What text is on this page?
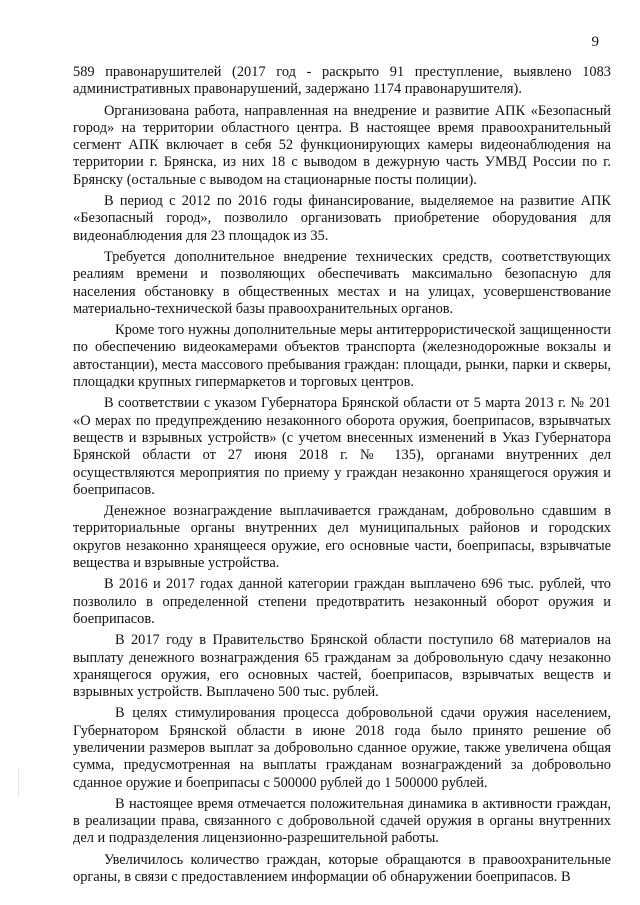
9

589 правонарушителей (2017 год - раскрыто 91 преступление, выявлено 1083 административных правонарушений, задержано 1174 правонарушителя).

Организована работа, направленная на внедрение и развитие АПК «Безопасный город» на территории областного центра. В настоящее время правоохранительный сегмент АПК включает в себя 52 функционирующих камеры видеонаблюдения на территории г. Брянска, из них 18 с выводом в дежурную часть УМВД России по г. Брянску (остальные с выводом на стационарные посты полиции).

В период с 2012 по 2016 годы финансирование, выделяемое на развитие АПК «Безопасный город», позволило организовать приобретение оборудования для видеонаблюдения для 23 площадок из 35.

Требуется дополнительное внедрение технических средств, соответствующих реалиям времени и позволяющих обеспечивать максимально безопасную для населения обстановку в общественных местах и на улицах, усовершенствование материально-технической базы правоохранительных органов.

Кроме того нужны дополнительные меры антитеррористической защищенности по обеспечению видеокамерами объектов транспорта (железнодорожные вокзалы и автостанции), места массового пребывания граждан: площади, рынки, парки и скверы, площадки крупных гипермаркетов и торговых центров.

В соответствии с указом Губернатора Брянской области от 5 марта 2013 г. № 201 «О мерах по предупреждению незаконного оборота оружия, боеприпасов, взрывчатых веществ и взрывных устройств» (с учетом внесенных изменений в Указ Губернатора Брянской области от 27 июня 2018 г. № 135), органами внутренних дел осуществляются мероприятия по приему у граждан незаконно хранящегося оружия и боеприпасов.

Денежное вознаграждение выплачивается гражданам, добровольно сдавшим в территориальные органы внутренних дел муниципальных районов и городских округов незаконно хранящееся оружие, его основные части, боеприпасы, взрывчатые вещества и взрывные устройства.

В 2016 и 2017 годах данной категории граждан выплачено 696 тыс. рублей, что позволило в определенной степени предотвратить незаконный оборот оружия и боеприпасов.

В 2017 году в Правительство Брянской области поступило 68 материалов на выплату денежного вознаграждения 65 гражданам за добровольную сдачу незаконно хранящегося оружия, его основных частей, боеприпасов, взрывчатых веществ и взрывных устройств. Выплачено 500 тыс. рублей.

В целях стимулирования процесса добровольной сдачи оружия населением, Губернатором Брянской области в июне 2018 года было принято решение об увеличении размеров выплат за добровольно сданное оружие, также увеличена общая сумма, предусмотренная на выплаты гражданам вознаграждений за добровольно сданное оружие и боеприпасы с 500000 рублей до 1 500000 рублей.

В настоящее время отмечается положительная динамика в активности граждан, в реализации права, связанного с добровольной сдачей оружия в органы внутренних дел и подразделения лицензионно-разрешительной работы.

Увеличилось количество граждан, которые обращаются в правоохранительные органы, в связи с предоставлением информации об обнаружении боеприпасов. В
